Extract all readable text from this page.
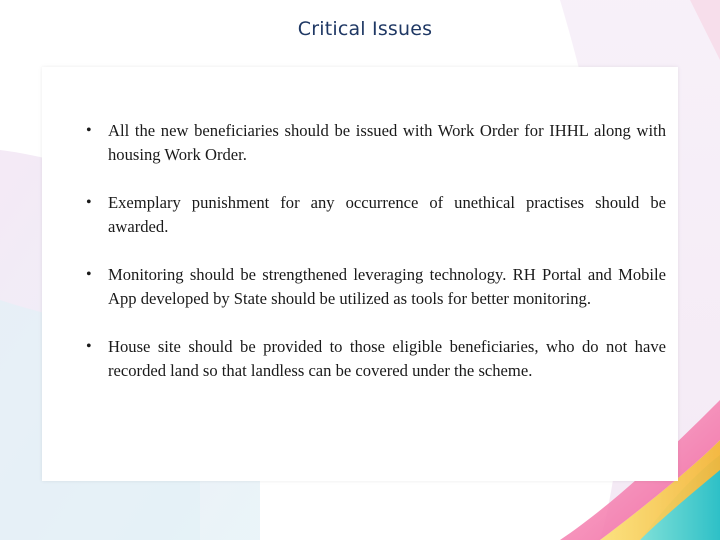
Critical Issues
• All the new beneficiaries should be issued with Work Order for IHHL along with housing Work Order.
• Exemplary punishment for any occurrence of unethical practises should be awarded.
• Monitoring should be strengthened leveraging technology. RH Portal and Mobile App developed by State should be utilized as tools for better monitoring.
• House site should be provided to those eligible beneficiaries, who do not have recorded land so that landless can be covered under the scheme.
